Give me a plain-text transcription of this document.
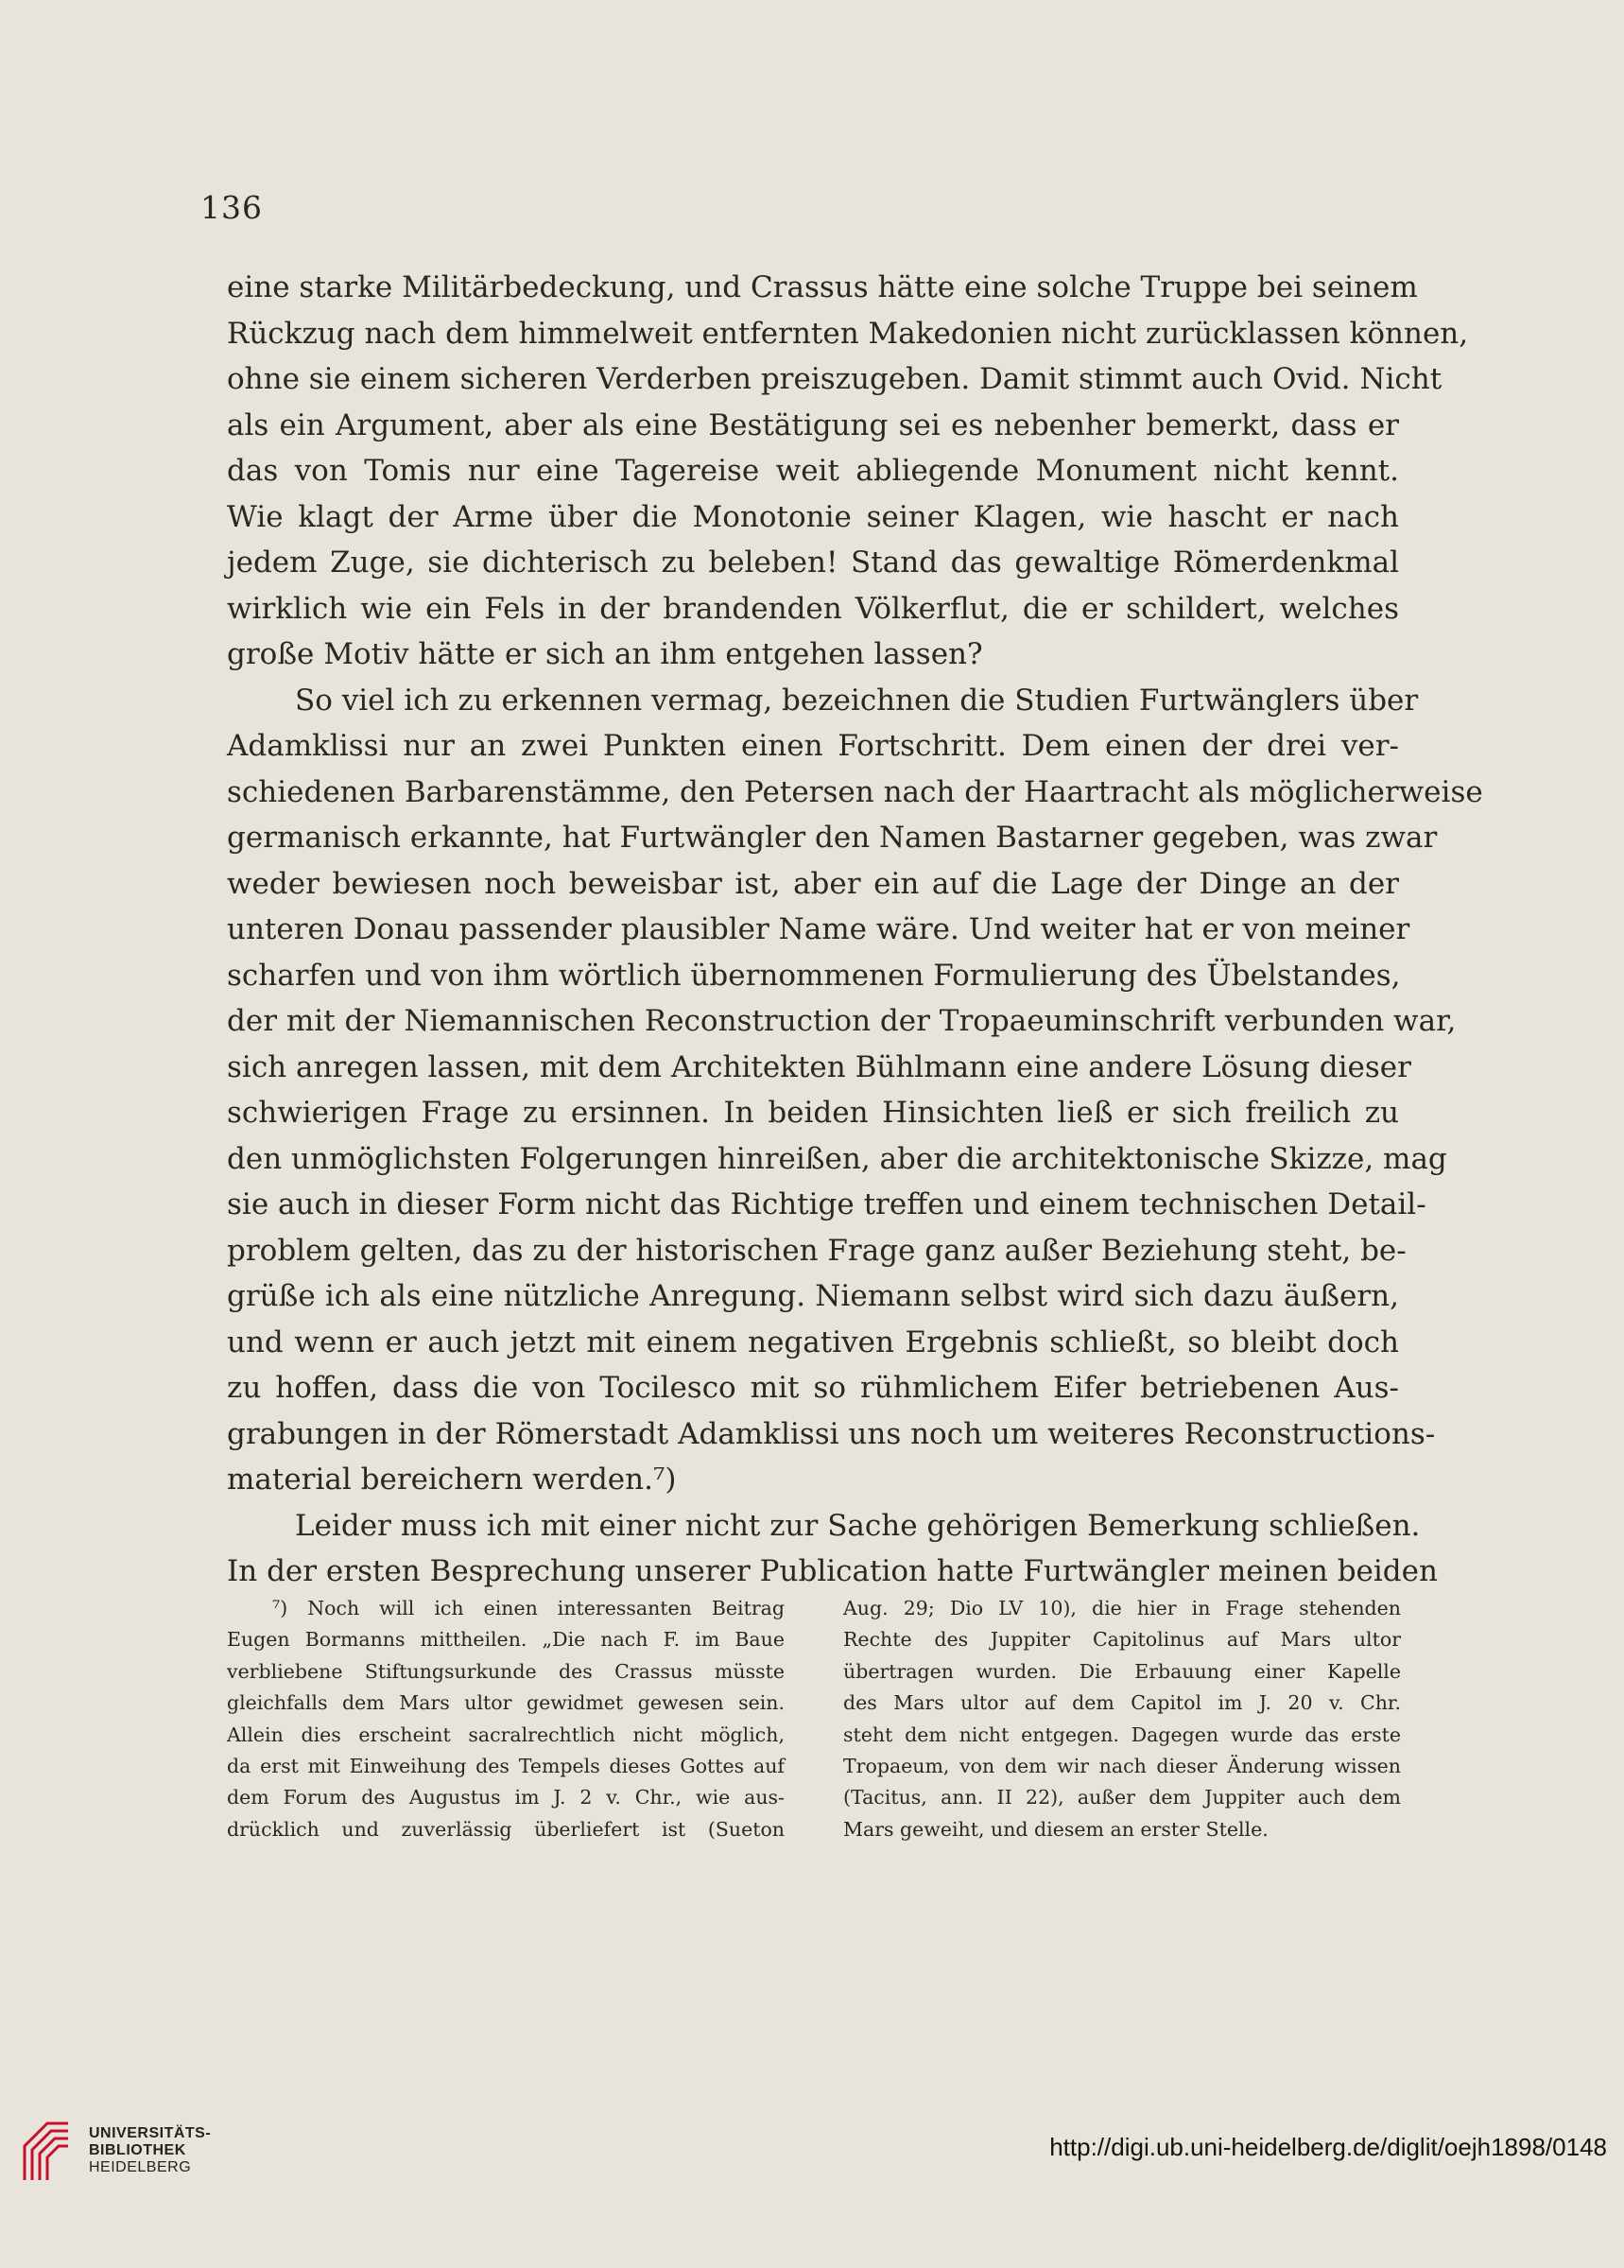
136
eine starke Militärbedeckung, und Crassus hätte eine solche Truppe bei seinem
Rückzug nach dem himmelweit entfernten Makedonien nicht zurücklassen können,
ohne sie einem sicheren Verderben preiszugeben. Damit stimmt auch Ovid. Nicht
als ein Argument, aber als eine Bestätigung sei es nebenher bemerkt, dass er
das von Tomis nur eine Tagereise weit abliegende Monument nicht kennt.
Wie klagt der Arme über die Monotonie seiner Klagen, wie hascht er nach
jedem Zuge, sie dichterisch zu beleben! Stand das gewaltige Römerdenkmal
wirklich wie ein Fels in der brandenden Völkerflut, die er schildert, welches
große Motiv hätte er sich an ihm entgehen lassen?
So viel ich zu erkennen vermag, bezeichnen die Studien Furtwänglers über
Adamklissi nur an zwei Punkten einen Fortschritt. Dem einen der drei ver-
schiedenen Barbarenstämme, den Petersen nach der Haartracht als möglicherweise
germanisch erkannte, hat Furtwängler den Namen Bastarner gegeben, was zwar
weder bewiesen noch beweisbar ist, aber ein auf die Lage der Dinge an der
unteren Donau passender plausibler Name wäre. Und weiter hat er von meiner
scharfen und von ihm wörtlich übernommenen Formulierung des Übelstandes,
der mit der Niemannischen Reconstruction der Tropaeuminschrift verbunden war,
sich anregen lassen, mit dem Architekten Bühlmann eine andere Lösung dieser
schwierigen Frage zu ersinnen. In beiden Hinsichten ließ er sich freilich zu
den unmöglichsten Folgerungen hinreißen, aber die architektonische Skizze, mag
sie auch in dieser Form nicht das Richtige treffen und einem technischen Detail-
problem gelten, das zu der historischen Frage ganz außer Beziehung steht, be-
grüße ich als eine nützliche Anregung. Niemann selbst wird sich dazu äußern,
und wenn er auch jetzt mit einem negativen Ergebnis schließt, so bleibt doch
zu hoffen, dass die von Tocilesco mit so rühmlichem Eifer betriebenen Aus-
grabungen in der Römerstadt Adamklissi uns noch um weiteres Reconstructions-
material bereichern werden.⁷)
Leider muss ich mit einer nicht zur Sache gehörigen Bemerkung schließen.
In der ersten Besprechung unserer Publication hatte Furtwängler meinen beiden
⁷) Noch will ich einen interessanten Beitrag
Eugen Bormanns mittheilen. „Die nach F. im Baue
verbliebene Stiftungsurkunde des Crassus müsste
gleichfalls dem Mars ultor gewidmet gewesen sein.
Allein dies erscheint sacralrechtlich nicht möglich,
da erst mit Einweihung des Tempels dieses Gottes auf
dem Forum des Augustus im J. 2 v. Chr., wie aus-
drücklich und zuverlässig überliefert ist (Sueton
Aug. 29; Dio LV 10), die hier in Frage stehenden
Rechte des Juppiter Capitolinus auf Mars ultor
übertragen wurden. Die Erbauung einer Kapelle
des Mars ultor auf dem Capitol im J. 20 v. Chr.
steht dem nicht entgegen. Dagegen wurde das erste
Tropaeum, von dem wir nach dieser Änderung wissen
(Tacitus, ann. II 22), außer dem Juppiter auch dem
Mars geweiht, und diesem an erster Stelle.
UNIVERSITÄTS-
BIBLIOTHEK
HEIDELBERG
http://digi.ub.uni-heidelberg.de/diglit/oejh1898/0148
